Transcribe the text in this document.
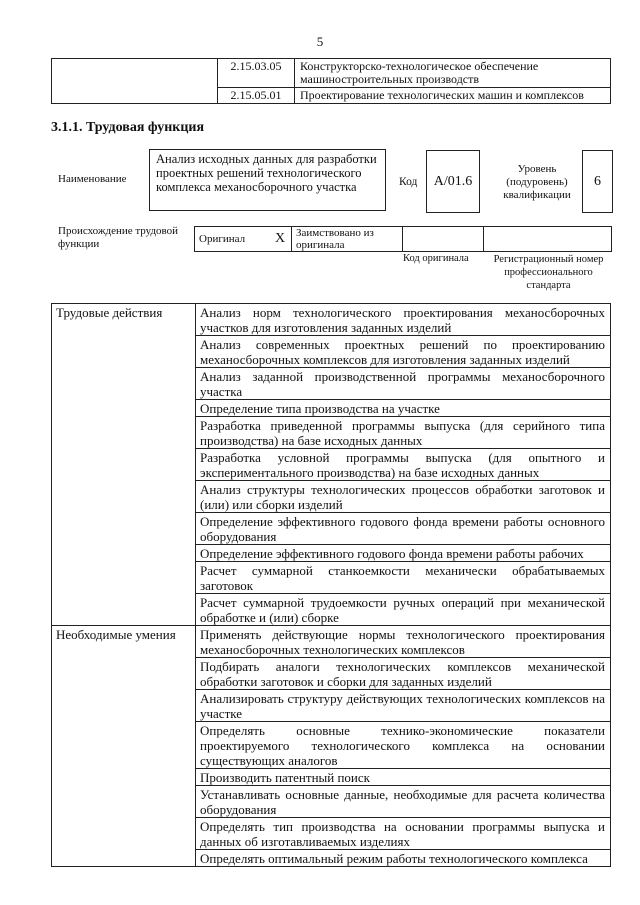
5
	2.15.03.05	Конструкторско-технологическое обеспечение машиностроительных производств
	2.15.05.01	Проектирование технологических машин и комплексов
3.1.1. Трудовая функция
Наименование
Анализ исходных данных для разработки проектных решений технологического комплекса механосборочного участка	Код	A/01.6
Уровень (подуровень) квалификации
6
Происхождение трудовой функции	Оригинал	X	Заимствовано из оригинала		
Код оригинала	Регистрационный номер профессионального стандарта
Трудовые действия	Анализ норм технологического проектирования механосборочных участков для изготовления заданных изделий
	Анализ современных проектных решений по проектированию механосборочных комплексов для изготовления заданных изделий
	Анализ заданной производственной программы механосборочного участка
	Определение типа производства на участке
	Разработка приведенной программы выпуска (для серийного типа производства) на базе исходных данных
	Разработка условной программы выпуска (для опытного и экспериментального производства) на базе исходных данных
	Анализ структуры технологических процессов обработки заготовок и (или) или сборки изделий
	Определение эффективного годового фонда времени работы основного оборудования
	Определение эффективного годового фонда времени работы рабочих
	Расчет суммарной станкоемкости механически обрабатываемых заготовок
	Расчет суммарной трудоемкости ручных операций при механической обработке и (или) сборке
Необходимые умения	Применять действующие нормы технологического проектирования механосборочных технологических комплексов
	Подбирать аналоги технологических комплексов механической обработки заготовок и сборки для заданных изделий
	Анализировать структуру действующих технологических комплексов на участке
	Определять основные технико-экономические показатели проектируемого технологического комплекса на основании существующих аналогов
	Производить патентный поиск
	Устанавливать основные данные, необходимые для расчета количества оборудования
	Определять тип производства на основании программы выпуска и данных об изготавливаемых изделиях
	Определять оптимальный режим работы технологического комплекса
